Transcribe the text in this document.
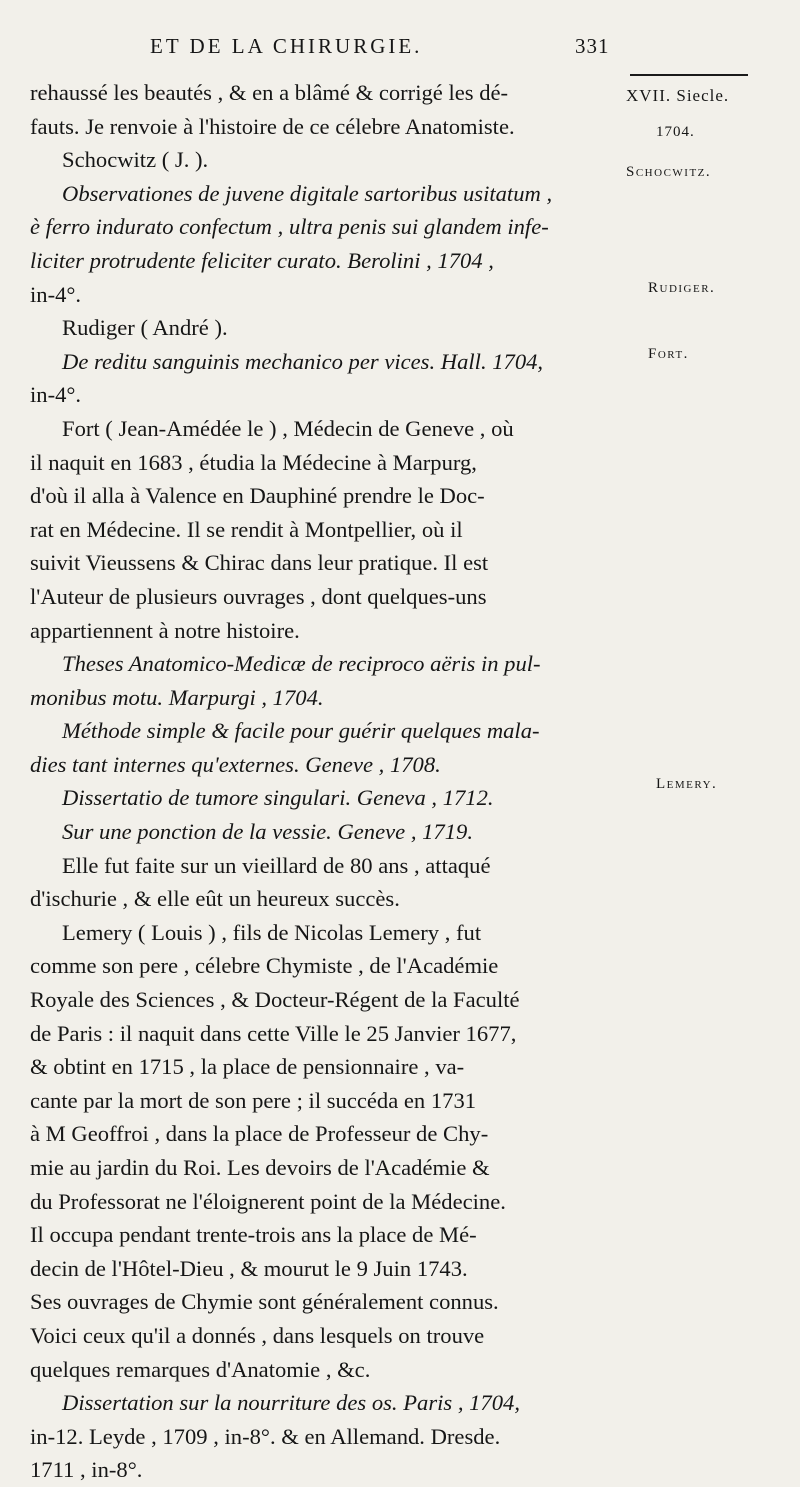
ET DE LA CHIRURGIE.	331
XVII. Siecle.
1704.
Schocwitz.
Rudiger.
Fort.
Lemery.

rehaussé les beautés , & en a blâmé & corrigé les dé-
fauts. Je renvoie à l'histoire de ce célebre Anatomiste.

Schocwitz ( J. ).

Observationes de juvene digitale sartoribus usitatum ,
è ferro indurato confectum , ultra penis sui glandem infe-
liciter protrudente feliciter curato. Berolini , 1704 ,

in-4°.

Rudiger ( André ).

De reditu sanguinis mechanico per vices. Hall. 1704,

in-4°.

Fort ( Jean-Amédée le ) , Médecin de Geneve , où
il naquit en 1683 , étudia la Médecine à Marpurg,
d'où il alla à Valence en Dauphiné prendre le Doc-
rat en Médecine. Il se rendit à Montpellier, où il
suivit Vieussens & Chirac dans leur pratique. Il est
l'Auteur de plusieurs ouvrages , dont quelques-uns
appartiennent à notre histoire.

Theses Anatomico-Medicæ de reciproco aëris in pul-
monibus motu. Marpurgi , 1704.

Méthode simple & facile pour guérir quelques mala-
dies tant internes qu'externes. Geneve , 1708.

Dissertatio de tumore singulari. Geneva , 1712.

Sur une ponction de la vessie. Geneve , 1719.

Elle fut faite sur un vieillard de 80 ans , attaqué
d'ischurie , & elle eût un heureux succès.

Lemery ( Louis ) , fils de Nicolas Lemery , fut
comme son pere , célebre Chymiste , de l'Académie
Royale des Sciences , & Docteur-Régent de la Faculté
de Paris : il naquit dans cette Ville le 25 Janvier 1677,
& obtint en 1715 , la place de pensionnaire , va-
cante par la mort de son pere ; il succéda en 1731
à M Geoffroi , dans la place de Professeur de Chy-
mie au jardin du Roi. Les devoirs de l'Académie &
du Professorat ne l'éloignerent point de la Médecine.
Il occupa pendant trente-trois ans la place de Mé-
decin de l'Hôtel-Dieu , & mourut le 9 Juin 1743.
Ses ouvrages de Chymie sont généralement connus.
Voici ceux qu'il a donnés , dans lesquels on trouve
quelques remarques d'Anatomie , &c.

Dissertation sur la nourriture des os. Paris , 1704,
in-12. Leyde , 1709 , in-8°. & en Allemand. Dresde.
1711 , in-8°.
